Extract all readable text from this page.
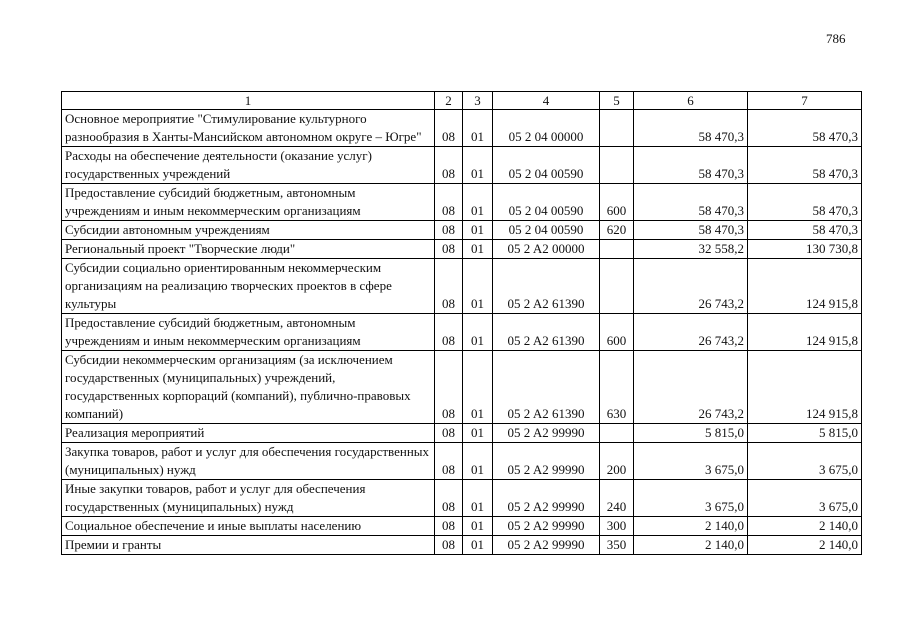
786
1	2	3	4	5	6	7
Основное мероприятие "Стимулирование культурного разнообразия в Ханты-Мансийском автономном округе – Югре"	08	01	05 2 04 00000		58 470,3	58 470,3
Расходы на обеспечение деятельности (оказание услуг) государственных учреждений	08	01	05 2 04 00590		58 470,3	58 470,3
Предоставление субсидий бюджетным, автономным учреждениям и иным некоммерческим организациям	08	01	05 2 04 00590	600	58 470,3	58 470,3
Субсидии автономным учреждениям	08	01	05 2 04 00590	620	58 470,3	58 470,3
Региональный проект "Творческие люди"	08	01	05 2 A2 00000		32 558,2	130 730,8
Субсидии социально ориентированным некоммерческим организациям на реализацию творческих проектов в сфере культуры	08	01	05 2 A2 61390		26 743,2	124 915,8
Предоставление субсидий бюджетным, автономным учреждениям и иным некоммерческим организациям	08	01	05 2 A2 61390	600	26 743,2	124 915,8
Субсидии некоммерческим организациям (за исключением государственных (муниципальных) учреждений, государственных корпораций (компаний), публично-правовых компаний)	08	01	05 2 A2 61390	630	26 743,2	124 915,8
Реализация мероприятий	08	01	05 2 A2 99990		5 815,0	5 815,0
Закупка товаров, работ и услуг для обеспечения государственных (муниципальных) нужд	08	01	05 2 A2 99990	200	3 675,0	3 675,0
Иные закупки товаров, работ и услуг для обеспечения государственных (муниципальных) нужд	08	01	05 2 A2 99990	240	3 675,0	3 675,0
Социальное обеспечение и иные выплаты населению	08	01	05 2 A2 99990	300	2 140,0	2 140,0
Премии и гранты	08	01	05 2 A2 99990	350	2 140,0	2 140,0
